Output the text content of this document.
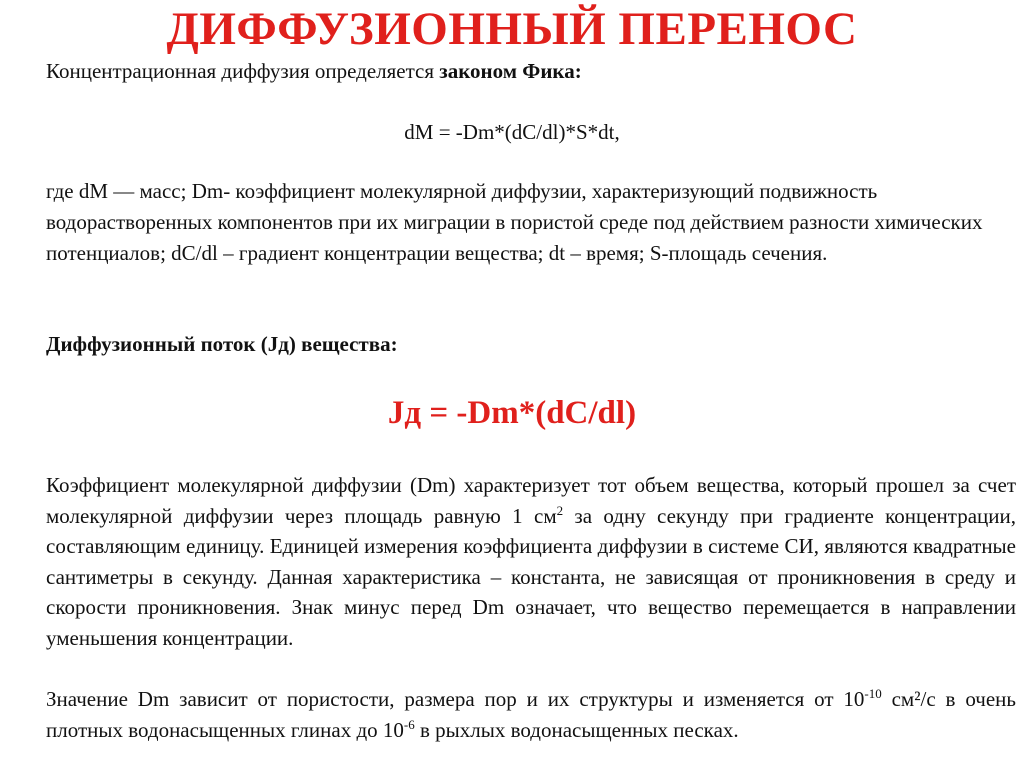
ДИФФУЗИОННЫЙ ПЕРЕНОС

Концентрационная диффузия определяется законом Фика:

dM = -Dm*(dC/dl)*S*dt,

где dM — масс; Dm- коэффициент молекулярной диффузии, характеризующий подвижность водорастворенных компонентов при их миграции в пористой среде под действием разности химических потенциалов; dC/dl – градиент концентрации вещества; dt – время; S-площадь сечения.

Диффузионный поток (Jд) вещества:

Jд = -Dm*(dC/dl)

Коэффициент молекулярной диффузии (Dm) характеризует тот объем вещества, который прошел за счет молекулярной диффузии через площадь равную 1 $см^2$ за одну секунду при градиенте концентрации, составляющим единицу. Единицей измерения коэффициента диффузии в системе СИ, являются квадратные сантиметры в секунду. Данная характеристика – константа, не зависящая от проникновения в среду и скорости проникновения. Знак минус перед Dm означает, что вещество перемещается в направлении уменьшения концентрации.

Значение Dm зависит от пористости, размера пор и их структуры и изменяется от $10^{-10}$ см²/с в очень плотных водонасыщенных глинах до $10^{-6}$ в рыхлых водонасыщенных песках.
